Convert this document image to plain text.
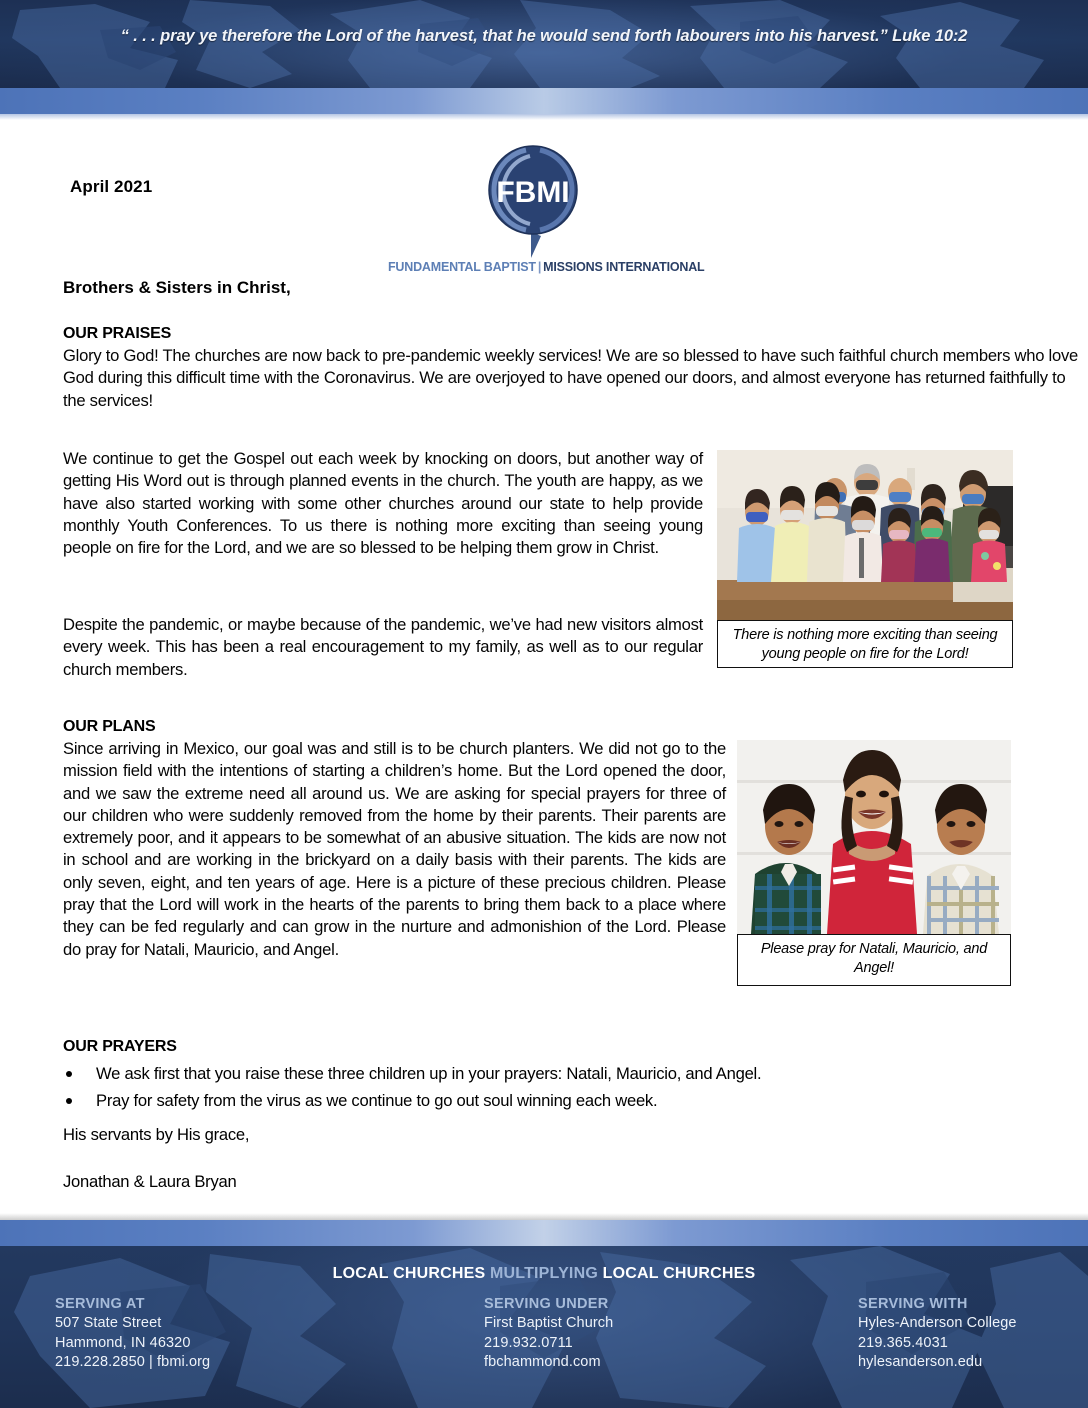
“ . . . pray ye therefore the Lord of the harvest, that he would send forth labourers into his harvest.” Luke 10:2
April 2021	FBMI
FUNDAMENTAL BAPTIST | MISSIONS INTERNATIONAL
Brothers & Sisters in Christ,
OUR PRAISES
Glory to God! The churches are now back to pre-pandemic weekly services! We are so blessed to have such faithful church members who love God during this difficult time with the Coronavirus. We are overjoyed to have opened our doors, and almost everyone has returned faithfully to the services!
We continue to get the Gospel out each week by knocking on doors, but another way of getting His Word out is through planned events in the church. The youth are happy, as we have also started working with some other churches around our state to help provide monthly Youth Conferences. To us there is nothing more exciting than seeing young people on fire for the Lord, and we are so blessed to be helping them grow in Christ.
Despite the pandemic, or maybe because of the pandemic, we’ve had new visitors almost every week. This has been a real encouragement to my family, as well as to our regular church members.
There is nothing more exciting than seeing young people on fire for the Lord!
OUR PLANS
Since arriving in Mexico, our goal was and still is to be church planters. We did not go to the mission field with the intentions of starting a children’s home. But the Lord opened the door, and we saw the extreme need all around us. We are asking for special prayers for three of our children who were suddenly removed from the home by their parents. Their parents are extremely poor, and it appears to be somewhat of an abusive situation. The kids are now not in school and are working in the brickyard on a daily basis with their parents. The kids are only seven, eight, and ten years of age. Here is a picture of these precious children. Please pray that the Lord will work in the hearts of the parents to bring them back to a place where they can be fed regularly and can grow in the nurture and admonishion of the Lord. Please do pray for Natali, Mauricio, and Angel.	Please pray for Natali, Mauricio, and Angel!
OUR PRAYERS
We ask first that you raise these three children up in your prayers: Natali, Mauricio, and Angel.
Pray for safety from the virus as we continue to go out soul winning each week.
His servants by His grace,
Jonathan & Laura Bryan
LOCAL CHURCHES MULTIPLYING LOCAL CHURCHES
SERVING AT
507 State Street
Hammond, IN 46320
219.228.2850 | fbmi.org
SERVING UNDER
First Baptist Church
219.932.0711
fbchammond.com
SERVING WITH
Hyles-Anderson College
219.365.4031
hylesanderson.edu
